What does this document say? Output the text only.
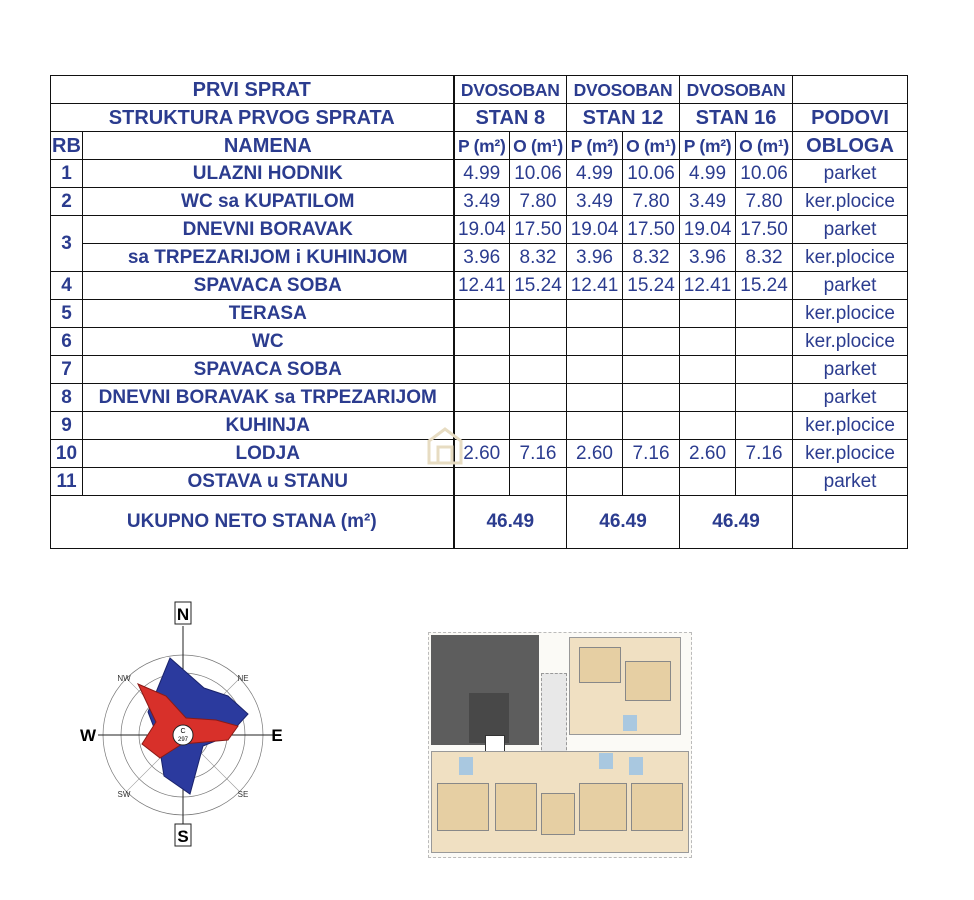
PRVI SPRAT		DVOSOBAN		DVOSOBAN		DVOSOBAN		
STRUKTURA PRVOG SPRATA		STAN 8		STAN 12		STAN 16		PODOVI
RB	NAMENA	P (m²)	O (m¹)	P (m²)	O (m¹)	P (m²)	O (m¹)	OBLOGA
1	ULAZNI HODNIK	4.99	10.06	4.99	10.06	4.99	10.06	parket
2	WC sa KUPATILOM	3.49	7.80	3.49	7.80	3.49	7.80	ker.plocice
3	DNEVNI BORAVAK	19.04	17.50	19.04	17.50	19.04	17.50	parket
	sa TRPEZARIJOM i KUHINJOM	3.96	8.32	3.96	8.32	3.96	8.32	ker.plocice
4	SPAVACA SOBA	12.41	15.24	12.41	15.24	12.41	15.24	parket
5	TERASA							ker.plocice
6	WC							ker.plocice
7	SPAVACA SOBA							parket
8	DNEVNI BORAVAK sa TRPEZARIJOM							parket
9	KUHINJA							ker.plocice
10	LODJA	2.60	7.16	2.60	7.16	2.60	7.16	ker.plocice
11	OSTAVA u STANU							parket
UKUPNO NETO STANA (m²)		46.49		46.49		46.49		
C
297
N
S
W	E
NW	NE
SW	SE
